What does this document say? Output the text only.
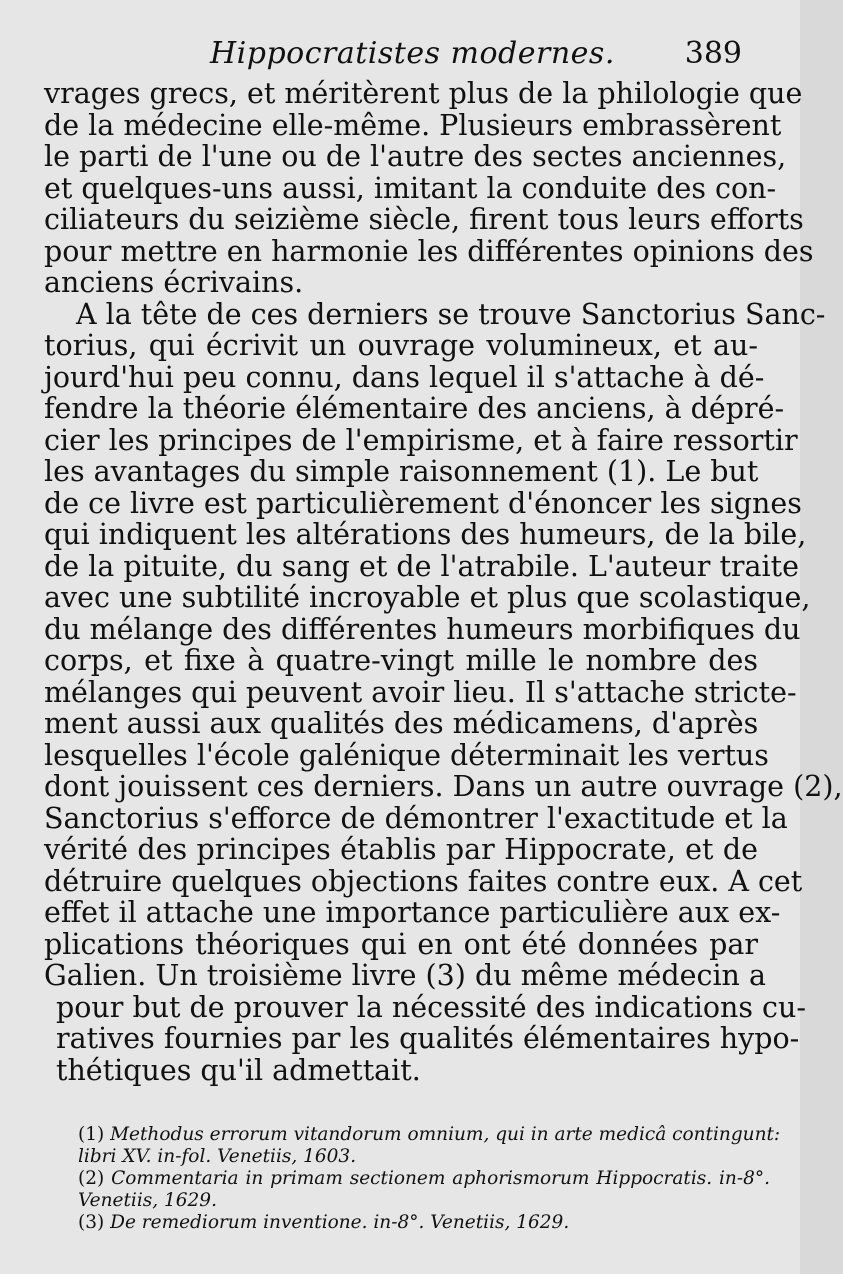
Hippocratistes modernes. 389
vrages grecs, et méritèrent plus de la philologie que
de la médecine elle-même. Plusieurs embrassèrent
le parti de l'une ou de l'autre des sectes anciennes,
et quelques-uns aussi, imitant la conduite des con-
ciliateurs du seizième siècle, firent tous leurs efforts
pour mettre en harmonie les différentes opinions des
anciens écrivains.
A la tête de ces derniers se trouve Sanctorius Sanc-
torius, qui écrivit un ouvrage volumineux, et au-
jourd'hui peu connu, dans lequel il s'attache à dé-
fendre la théorie élémentaire des anciens, à dépré-
cier les principes de l'empirisme, et à faire ressortir
les avantages du simple raisonnement (1). Le but
de ce livre est particulièrement d'énoncer les signes
qui indiquent les altérations des humeurs, de la bile,
de la pituite, du sang et de l'atrabile. L'auteur traite
avec une subtilité incroyable et plus que scolastique,
du mélange des différentes humeurs morbifiques du
corps, et fixe à quatre-vingt mille le nombre des
mélanges qui peuvent avoir lieu. Il s'attache stricte-
ment aussi aux qualités des médicamens, d'après
lesquelles l'école galénique déterminait les vertus
dont jouissent ces derniers. Dans un autre ouvrage (2),
Sanctorius s'efforce de démontrer l'exactitude et la
vérité des principes établis par Hippocrate, et de
détruire quelques objections faites contre eux. A cet
effet il attache une importance particulière aux ex-
plications théoriques qui en ont été données par
Galien. Un troisième livre (3) du même médecin a
pour but de prouver la nécessité des indications cu-
ratives fournies par les qualités élémentaires hypo-
thétiques qu'il admettait.
(1) Methodus errorum vitandorum omnium, qui in arte medicâ contingunt:
libri XV. in-fol. Venetiis, 1603.
(2) Commentaria in primam sectionem aphorismorum Hippocratis. in-8°.
Venetiis, 1629.
(3) De remediorum inventione. in-8°. Venetiis, 1629.
